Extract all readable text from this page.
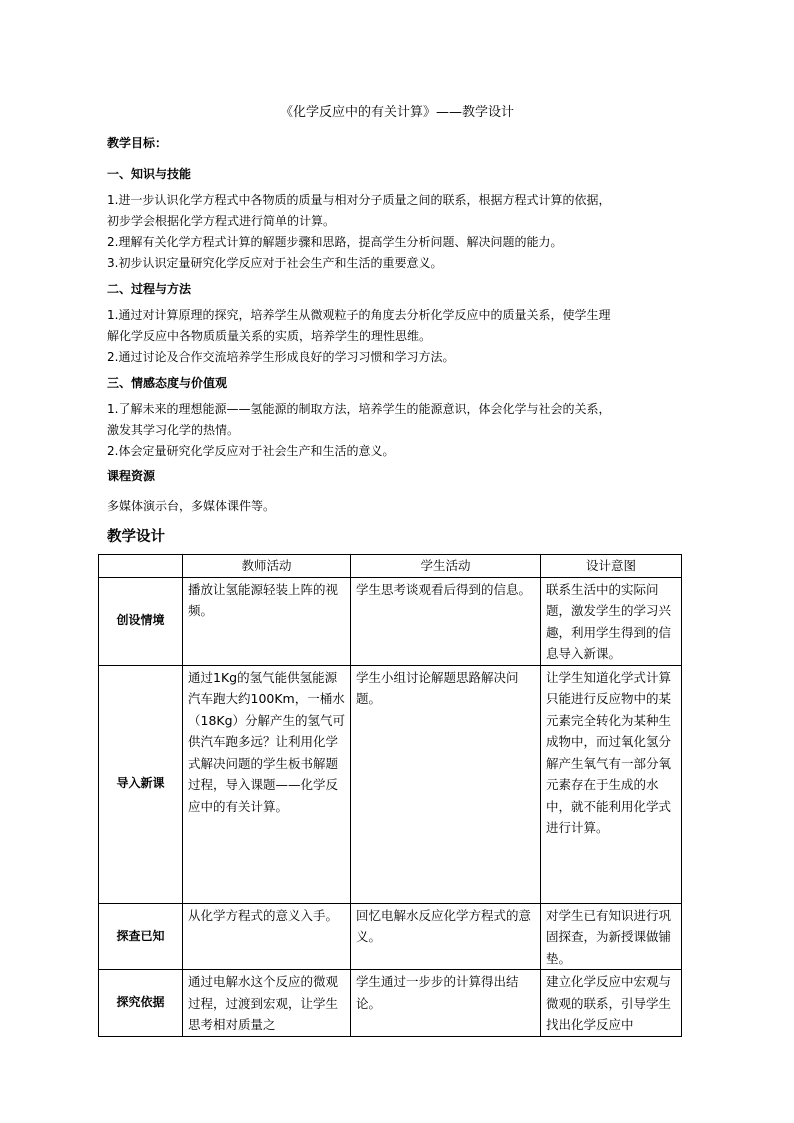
《化学反应中的有关计算》——教学设计
教学目标：
一、知识与技能
1.进一步认识化学方程式中各物质的质量与相对分子质量之间的联系，根据方程式计算的依据，
初步学会根据化学方程式进行简单的计算。
2.理解有关化学方程式计算的解题步骤和思路，提高学生分析问题、解决问题的能力。
3.初步认识定量研究化学反应对于社会生产和生活的重要意义。
二、过程与方法
1.通过对计算原理的探究，培养学生从微观粒子的角度去分析化学反应中的质量关系，使学生理
解化学反应中各物质质量关系的实质，培养学生的理性思维。
2.通过讨论及合作交流培养学生形成良好的学习习惯和学习方法。
三、情感态度与价值观
1.了解未来的理想能源——氢能源的制取方法，培养学生的能源意识，体会化学与社会的关系，
激发其学习化学的热情。
2.体会定量研究化学反应对于社会生产和生活的意义。
课程资源
多媒体演示台，多媒体课件等。
教学设计
	教师活动	学生活动	设计意图
创设情境	播放让氢能源轻装上阵的视频。	学生思考谈观看后得到的信息。	联系生活中的实际问题，激发学生的学习兴趣，利用学生得到的信息导入新课。
导入新课	通过1Kg的氢气能供氢能源汽车跑大约100Km，一桶水（18Kg）分解产生的氢气可供汽车跑多远？让利用化学式解决问题的学生板书解题过程，导入课题——化学反应中的有关计算。	学生小组讨论解题思路解决问题。	让学生知道化学式计算只能进行反应物中的某元素完全转化为某种生成物中，而过氧化氢分解产生氧气有一部分氧元素存在于生成的水中，就不能利用化学式进行计算。
探查已知	从化学方程式的意义入手。	回忆电解水反应化学方程式的意义。	对学生已有知识进行巩固探查，为新授课做铺垫。
探究依据	通过电解水这个反应的微观过程，过渡到宏观，让学生思考相对质量之	学生通过一步步的计算得出结论。	建立化学反应中宏观与微观的联系，引导学生找出化学反应中
